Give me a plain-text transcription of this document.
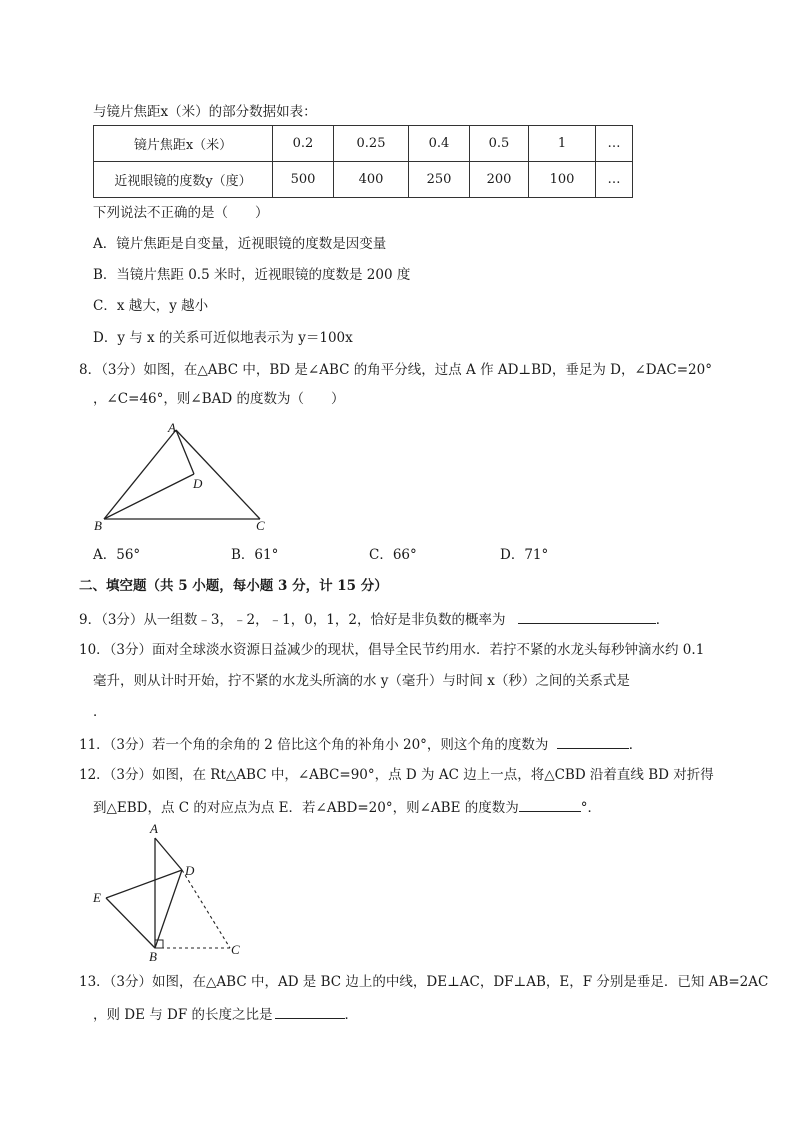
与镜片焦距x（米）的部分数据如表：
镜片焦距x（米）	0.2	0.25	0.4	0.5	1	…
近视眼镜的度数y（度）	500	400	250	200	100	…
下列说法不正确的是（　　）
A．镜片焦距是自变量，近视眼镜的度数是因变量
B．当镜片焦距 0.5 米时，近视眼镜的度数是 200 度
C．x 越大，y 越小
D．y 与 x 的关系可近似地表示为 y＝100x
8．（3分）如图，在△ABC 中，BD 是∠ABC 的角平分线，过点 A 作 AD⊥BD，垂足为 D，∠DAC=20°
，∠C=46°，则∠BAD 的度数为（　　）
A
B	C
D
A．56°	B．61°	C．66°	D．71°
二、填空题（共 5 小题，每小题 3 分，计 15 分）
9．（3分）从一组数﹣3，﹣2，﹣1，0，1，2，恰好是非负数的概率为	．
10．（3分）面对全球淡水资源日益减少的现状，倡导全民节约用水．若拧不紧的水龙头每秒钟滴水约 0.1
毫升，则从计时开始，拧不紧的水龙头所滴的水 y（毫升）与时间 x（秒）之间的关系式是
．
11．（3分）若一个角的余角的 2 倍比这个角的补角小 20°，则这个角的度数为	．
12．（3分）如图，在 Rt△ABC 中，∠ABC=90°，点 D 为 AC 边上一点，将△CBD 沿着直线 BD 对折得
到△EBD，点 C 的对应点为点 E．若∠ABD=20°，则∠ABE 的度数为	°．
A
D
E
B	C
13．（3分）如图，在△ABC 中，AD 是 BC 边上的中线，DE⊥AC，DF⊥AB，E，F 分别是垂足．已知 AB=2AC
，则 DE 与 DF 的长度之比是	．
